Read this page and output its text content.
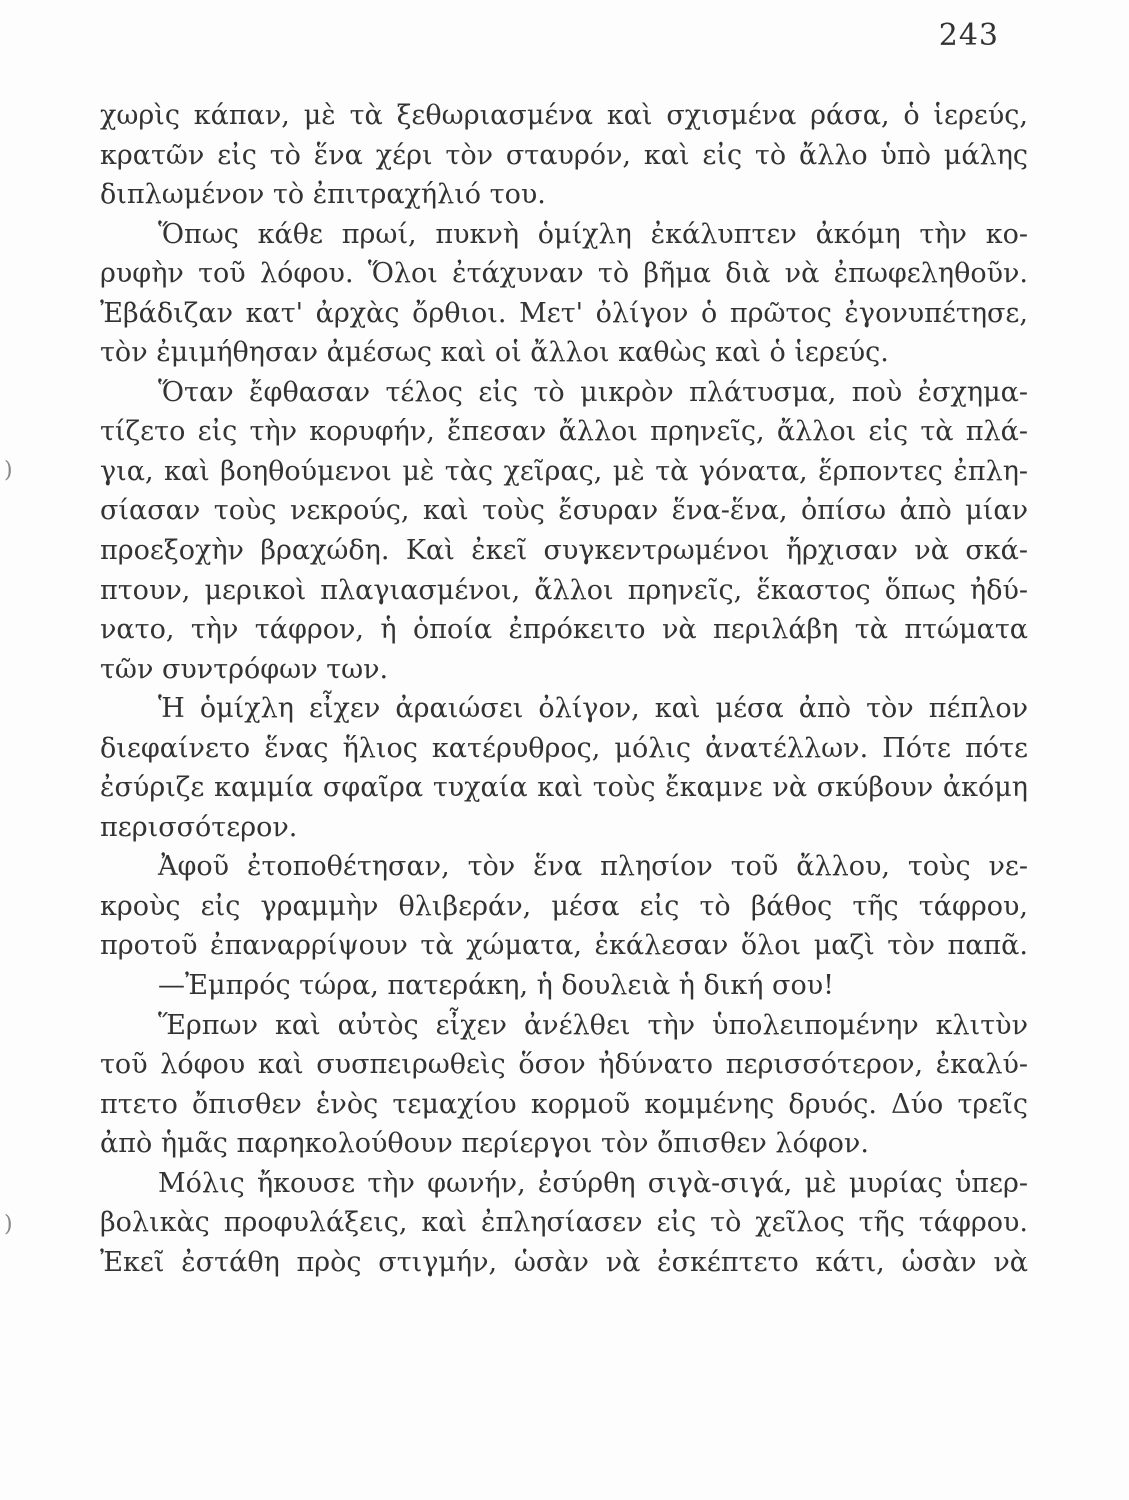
243
)
)
χωρὶς κάπαν, μὲ τὰ ξεθωριασμένα καὶ σχισμένα ράσα, ὁ ἱερεύς,
κρατῶν εἰς τὸ ἕνα χέρι τὸν σταυρόν, καὶ εἰς τὸ ἄλλο ὑπὸ μάλης
διπλωμένον τὸ ἐπιτραχήλιό του.
Ὅπως κάθε πρωί, πυκνὴ ὁμίχλη ἐκάλυπτεν ἀκόμη τὴν κο-
ρυφὴν τοῦ λόφου. Ὅλοι ἐτάχυναν τὸ βῆμα διὰ νὰ ἐπωφεληθοῦν.
Ἐβάδιζαν κατ' ἀρχὰς ὄρθιοι. Μετ' ὀλίγον ὁ πρῶτος ἐγονυπέτησε,
τὸν ἐμιμήθησαν ἀμέσως καὶ οἱ ἄλλοι καθὼς καὶ ὁ ἱερεύς.
Ὅταν ἔφθασαν τέλος εἰς τὸ μικρὸν πλάτυσμα, ποὺ ἐσχημα-
τίζετο εἰς τὴν κορυφήν, ἔπεσαν ἄλλοι πρηνεῖς, ἄλλοι εἰς τὰ πλά-
για, καὶ βοηθούμενοι μὲ τὰς χεῖρας, μὲ τὰ γόνατα, ἕρποντες ἐπλη-
σίασαν τοὺς νεκρούς, καὶ τοὺς ἔσυραν ἕνα-ἕνα, ὀπίσω ἀπὸ μίαν
προεξοχὴν βραχώδη. Καὶ ἐκεῖ συγκεντρωμένοι ἤρχισαν νὰ σκά-
πτουν, μερικοὶ πλαγιασμένοι, ἄλλοι πρηνεῖς, ἕκαστος ὅπως ἠδύ-
νατο, τὴν τάφρον, ἡ ὁποία ἐπρόκειτο νὰ περιλάβη τὰ πτώματα
τῶν συντρόφων των.
Ἡ ὁμίχλη εἶχεν ἀραιώσει ὀλίγον, καὶ μέσα ἀπὸ τὸν πέπλον
διεφαίνετο ἕνας ἥλιος κατέρυθρος, μόλις ἀνατέλλων. Πότε πότε
ἐσύριζε καμμία σφαῖρα τυχαία καὶ τοὺς ἔκαμνε νὰ σκύβουν ἀκόμη
περισσότερον.
Ἀφοῦ ἐτοποθέτησαν, τὸν ἕνα πλησίον τοῦ ἄλλου, τοὺς νε-
κροὺς εἰς γραμμὴν θλιβεράν, μέσα εἰς τὸ βάθος τῆς τάφρου,
προτοῦ ἐπαναρρίψουν τὰ χώματα, ἐκάλεσαν ὅλοι μαζὶ τὸν παπᾶ.
—Ἐμπρός τώρα, πατεράκη, ἡ δουλειὰ ἡ δική σου!
Ἕρπων καὶ αὐτὸς εἶχεν ἀνέλθει τὴν ὑπολειπομένην κλιτὺν
τοῦ λόφου καὶ συσπειρωθεὶς ὅσον ἠδύνατο περισσότερον, ἐκαλύ-
πτετο ὄπισθεν ἑνὸς τεμαχίου κορμοῦ κομμένης δρυός. Δύο τρεῖς
ἀπὸ ἡμᾶς παρηκολούθουν περίεργοι τὸν ὄπισθεν λόφον.
Μόλις ἤκουσε τὴν φωνήν, ἐσύρθη σιγὰ-σιγά, μὲ μυρίας ὑπερ-
βολικὰς προφυλάξεις, καὶ ἐπλησίασεν εἰς τὸ χεῖλος τῆς τάφρου.
Ἐκεῖ ἐστάθη πρὸς στιγμήν, ὡσὰν νὰ ἐσκέπτετο κάτι, ὡσὰν νὰ
